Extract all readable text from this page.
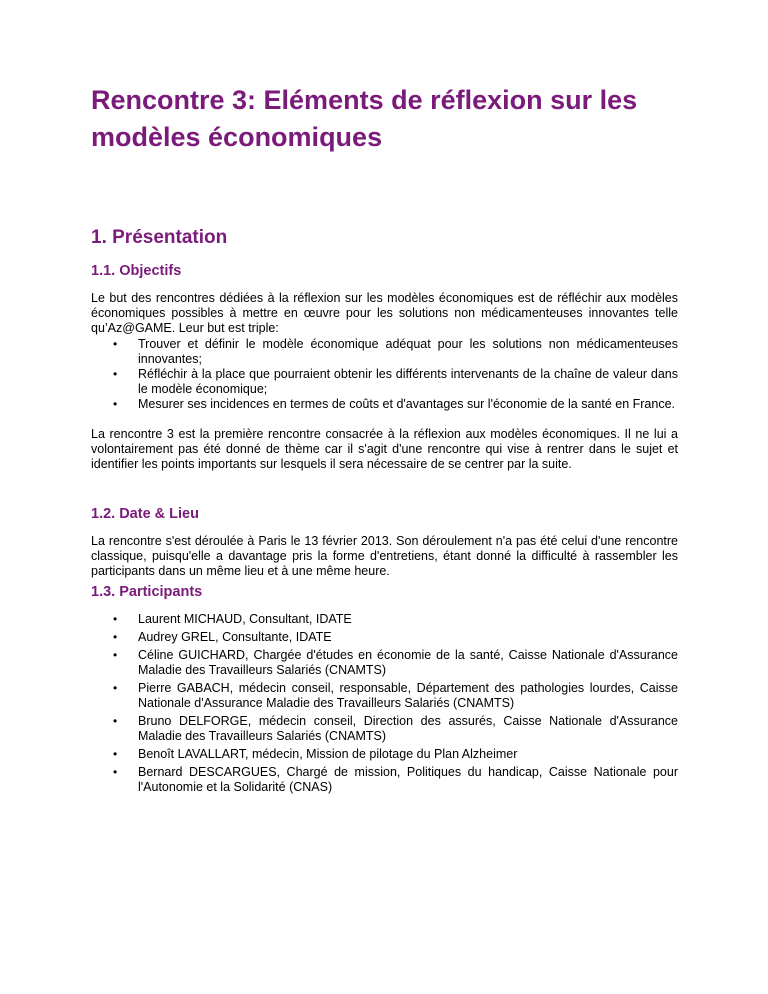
Rencontre 3: Eléments de réflexion sur les modèles économiques
1. Présentation
1.1. Objectifs

Le but des rencontres dédiées à la réflexion sur les modèles économiques est de réfléchir aux modèles économiques possibles à mettre en œuvre pour les solutions non médicamenteuses innovantes telle qu’Az@GAME. Leur but est triple:

• Trouver et définir le modèle économique adéquat pour les solutions non médicamenteuses innovantes;
• Réfléchir à la place que pourraient obtenir les différents intervenants de la chaîne de valeur dans le modèle économique;
• Mesurer ses incidences en termes de coûts et d'avantages sur l'économie de la santé en France.

La rencontre 3 est la première rencontre consacrée à la réflexion aux modèles économiques. Il ne lui a volontairement pas été donné de thème car il s'agit d'une rencontre qui vise à rentrer dans le sujet et identifier les points importants sur lesquels il sera nécessaire de se centrer par la suite.

1.2. Date & Lieu

La rencontre s'est déroulée à Paris le 13 février 2013. Son déroulement n'a pas été celui d'une rencontre classique, puisqu'elle a davantage pris la forme d'entretiens, étant donné la difficulté à rassembler les participants dans un même lieu et à une même heure.

1.3. Participants
• Laurent MICHAUD, Consultant, IDATE
• Audrey GREL, Consultante, IDATE
• Céline GUICHARD, Chargée d'études en économie de la santé, Caisse Nationale d'Assurance Maladie des Travailleurs Salariés (CNAMTS)
• Pierre GABACH, médecin conseil, responsable, Département des pathologies lourdes, Caisse Nationale d'Assurance Maladie des Travailleurs Salariés (CNAMTS)
• Bruno DELFORGE, médecin conseil, Direction des assurés, Caisse Nationale d'Assurance Maladie des Travailleurs Salariés (CNAMTS)
• Benoît LAVALLART, médecin, Mission de pilotage du Plan Alzheimer
• Bernard DESCARGUES, Chargé de mission, Politiques du handicap, Caisse Nationale pour l'Autonomie et la Solidarité (CNAS)
